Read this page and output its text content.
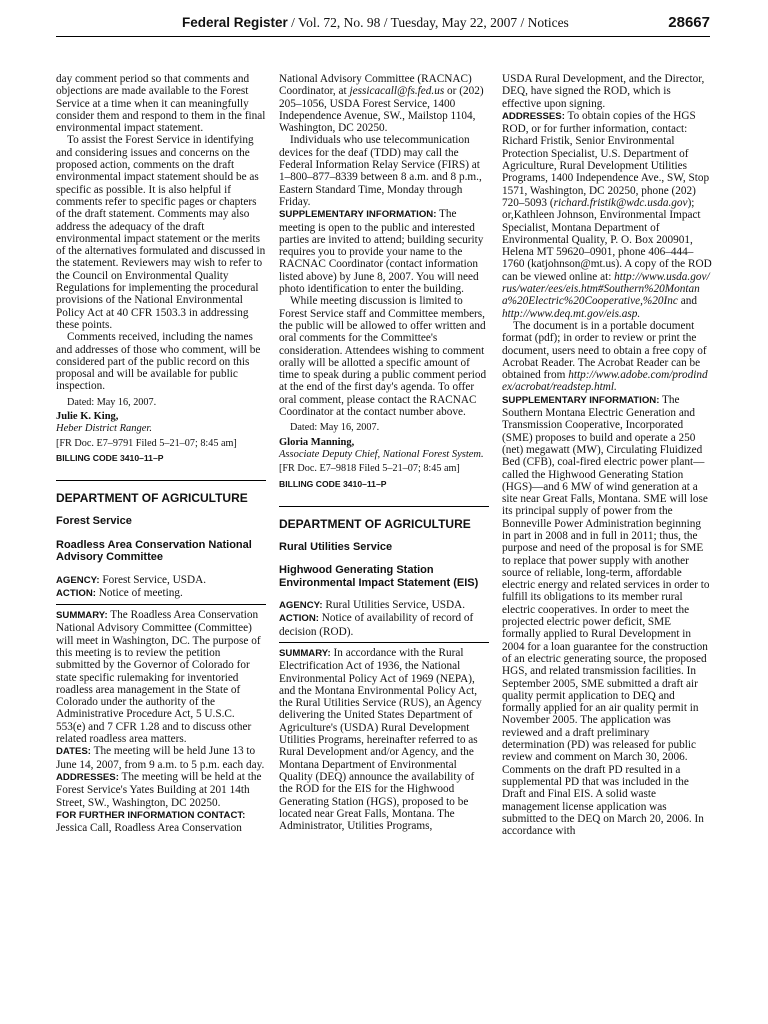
Federal Register / Vol. 72, No. 98 / Tuesday, May 22, 2007 / Notices	28667

day comment period so that comments and objections are made available to the Forest Service at a time when it can meaningfully consider them and respond to them in the final environmental impact statement.

To assist the Forest Service in identifying and considering issues and concerns on the proposed action, comments on the draft environmental impact statement should be as specific as possible. It is also helpful if comments refer to specific pages or chapters of the draft statement. Comments may also address the adequacy of the draft environmental impact statement or the merits of the alternatives formulated and discussed in the statement. Reviewers may wish to refer to the Council on Environmental Quality Regulations for implementing the procedural provisions of the National Environmental Policy Act at 40 CFR 1503.3 in addressing these points.

Comments received, including the names and addresses of those who comment, will be considered part of the public record on this proposal and will be available for public inspection.

Dated: May 16, 2007.

Julie K. King,

Heber District Ranger.

[FR Doc. E7–9791 Filed 5–21–07; 8:45 am]

BILLING CODE 3410–11–P

DEPARTMENT OF AGRICULTURE

Forest Service

Roadless Area Conservation National Advisory Committee

AGENCY: Forest Service, USDA.

ACTION: Notice of meeting.

SUMMARY: The Roadless Area Conservation National Advisory Committee (Committee) will meet in Washington, DC. The purpose of this meeting is to review the petition submitted by the Governor of Colorado for state specific rulemaking for inventoried roadless area management in the State of Colorado under the authority of the Administrative Procedure Act, 5 U.S.C. 553(e) and 7 CFR 1.28 and to discuss other related roadless area matters.

DATES: The meeting will be held June 13 to June 14, 2007, from 9 a.m. to 5 p.m. each day.

ADDRESSES: The meeting will be held at the Forest Service's Yates Building at 201 14th Street, SW., Washington, DC 20250.

FOR FURTHER INFORMATION CONTACT:

Jessica Call, Roadless Area Conservation

National Advisory Committee (RACNAC) Coordinator, at jessicacall@fs.fed.us or (202) 205–1056, USDA Forest Service, 1400 Independence Avenue, SW., Mailstop 1104, Washington, DC 20250.

Individuals who use telecommunication devices for the deaf (TDD) may call the Federal Information Relay Service (FIRS) at 1–800–877–8339 between 8 a.m. and 8 p.m., Eastern Standard Time, Monday through Friday.

SUPPLEMENTARY INFORMATION: The meeting is open to the public and interested parties are invited to attend; building security requires you to provide your name to the RACNAC Coordinator (contact information listed above) by June 8, 2007. You will need photo identification to enter the building.

While meeting discussion is limited to Forest Service staff and Committee members, the public will be allowed to offer written and oral comments for the Committee's consideration. Attendees wishing to comment orally will be allotted a specific amount of time to speak during a public comment period at the end of the first day's agenda. To offer oral comment, please contact the RACNAC Coordinator at the contact number above.

Dated: May 16, 2007.

Gloria Manning,

Associate Deputy Chief, National Forest System.

[FR Doc. E7–9818 Filed 5–21–07; 8:45 am]

BILLING CODE 3410–11–P

DEPARTMENT OF AGRICULTURE

Rural Utilities Service

Highwood Generating Station Environmental Impact Statement (EIS)

AGENCY: Rural Utilities Service, USDA.

ACTION: Notice of availability of record of decision (ROD).

SUMMARY: In accordance with the Rural Electrification Act of 1936, the National Environmental Policy Act of 1969 (NEPA), and the Montana Environmental Policy Act, the Rural Utilities Service (RUS), an Agency delivering the United States Department of Agriculture's (USDA) Rural Development Utilities Programs, hereinafter referred to as Rural Development and/or Agency, and the Montana Department of Environmental Quality (DEQ) announce the availability of the ROD for the EIS for the Highwood Generating Station (HGS), proposed to be located near Great Falls, Montana. The Administrator, Utilities Programs,

USDA Rural Development, and the Director, DEQ, have signed the ROD, which is effective upon signing.

ADDRESSES: To obtain copies of the HGS ROD, or for further information, contact: Richard Fristik, Senior Environmental Protection Specialist, U.S. Department of Agriculture, Rural Development Utilities Programs, 1400 Independence Ave., SW, Stop 1571, Washington, DC 20250, phone (202) 720–5093 (richard.fristik@wdc.usda.gov); or,Kathleen Johnson, Environmental Impact Specialist, Montana Department of Environmental Quality, P. O. Box 200901, Helena MT 59620–0901, phone 406–444–1760 (katjohnson@mt.us). A copy of the ROD can be viewed online at: http://www.usda.gov/rus/water/ees/eis.htm#Southern%20Montana%20Electric%20Cooperative,%20Inc and http://www.deq.mt.gov/eis.asp.

The document is in a portable document format (pdf); in order to review or print the document, users need to obtain a free copy of Acrobat Reader. The Acrobat Reader can be obtained from http://www.adobe.com/prodindex/acrobat/readstep.html.

SUPPLEMENTARY INFORMATION: The Southern Montana Electric Generation and Transmission Cooperative, Incorporated (SME) proposes to build and operate a 250 (net) megawatt (MW), Circulating Fluidized Bed (CFB), coal-fired electric power plant—called the Highwood Generating Station (HGS)—and 6 MW of wind generation at a site near Great Falls, Montana. SME will lose its principal supply of power from the Bonneville Power Administration beginning in part in 2008 and in full in 2011; thus, the purpose and need of the proposal is for SME to replace that power supply with another source of reliable, long-term, affordable electric energy and related services in order to fulfill its obligations to its member rural electric cooperatives. In order to meet the projected electric power deficit, SME formally applied to Rural Development in 2004 for a loan guarantee for the construction of an electric generating source, the proposed HGS, and related transmission facilities. In September 2005, SME submitted a draft air quality permit application to DEQ and formally applied for an air quality permit in November 2005. The application was reviewed and a draft preliminary determination (PD) was released for public review and comment on March 30, 2006. Comments on the draft PD resulted in a supplemental PD that was included in the Draft and Final EIS. A solid waste management license application was submitted to the DEQ on March 20, 2006. In accordance with
